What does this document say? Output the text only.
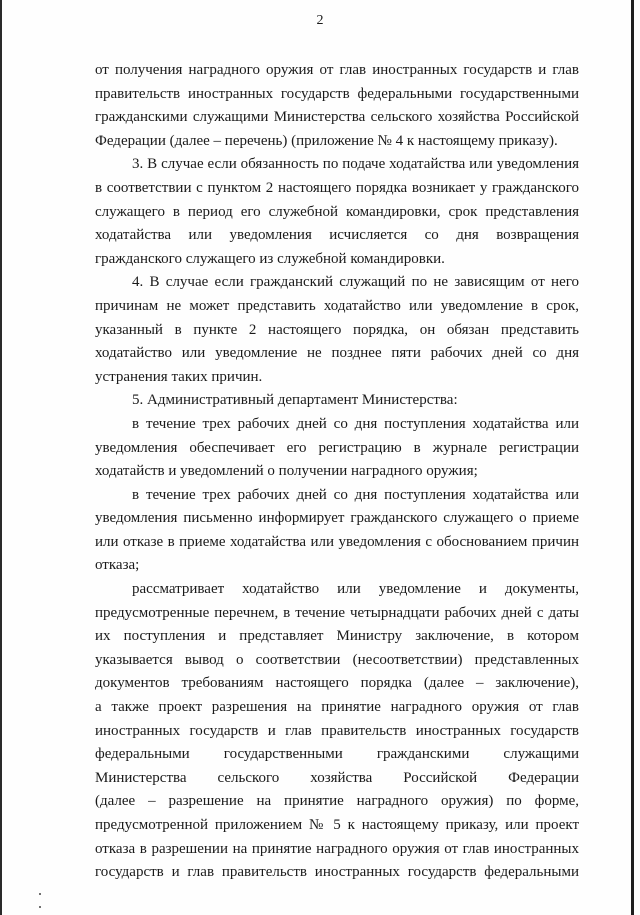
2
от получения наградного оружия от глав иностранных государств и глав
правительств иностранных государств федеральными государственными
гражданскими служащими Министерства сельского хозяйства Российской
Федерации (далее – перечень) (приложение № 4 к настоящему приказу).
3. В случае если обязанность по подаче ходатайства или уведомления
в соответствии с пунктом 2 настоящего порядка возникает у гражданского
служащего в период его служебной командировки, срок представления
ходатайства или уведомления исчисляется со дня возвращения
гражданского служащего из служебной командировки.
4. В случае если гражданский служащий по не зависящим от него
причинам не может представить ходатайство или уведомление в срок,
указанный в пункте 2 настоящего порядка, он обязан представить
ходатайство или уведомление не позднее пяти рабочих дней со дня
устранения таких причин.
5. Административный департамент Министерства:
в течение трех рабочих дней со дня поступления ходатайства или
уведомления обеспечивает его регистрацию в журнале регистрации
ходатайств и уведомлений о получении наградного оружия;
в течение трех рабочих дней со дня поступления ходатайства или
уведомления письменно информирует гражданского служащего о приеме
или отказе в приеме ходатайства или уведомления с обоснованием причин
отказа;
рассматривает ходатайство или уведомление и документы,
предусмотренные перечнем, в течение четырнадцати рабочих дней с даты
их поступления и представляет Министру заключение, в котором
указывается вывод о соответствии (несоответствии) представленных
документов требованиям настоящего порядка (далее – заключение),
а также проект разрешения на принятие наградного оружия от глав
иностранных государств и глав правительств иностранных государств
федеральными государственными гражданскими служащими
Министерства сельского хозяйства Российской Федерации
(далее – разрешение на принятие наградного оружия) по форме,
предусмотренной приложением № 5 к настоящему приказу, или проект
отказа в разрешении на принятие наградного оружия от глав иностранных
государств и глав правительств иностранных государств федеральными
